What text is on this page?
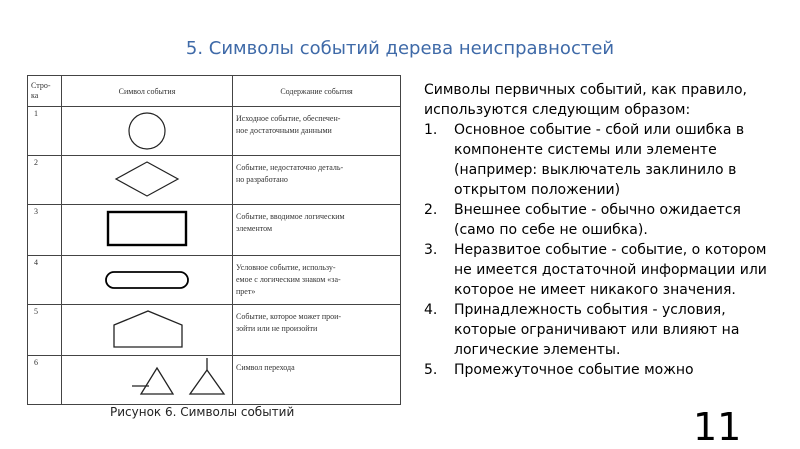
5. Символы событий дерева неисправностей
Стро-
ка	Символ события	Содержание события
1		Исходное событие, обеспечен-
ное достаточными данными
2		Событие, недостаточно деталь-
но разработано
3		Событие, вводимое логическим
элементом
4		Условное событие, использу-
емое с логическим знаком «за-
прет»
5		Событие, которое может прои-
зойти или не произойти
6		Символ перехода
Рисунок 6. Символы событий
Символы первичных событий, как правило, используются следующим образом:
1. Основное событие - сбой или ошибка в компоненте системы или элементе (например: выключатель заклинило в открытом положении)
2. Внешнее событие - обычно ожидается (само по себе не ошибка).
3. Неразвитое событие - событие, о котором не имеется достаточной информации или которое не имеет никакого значения.
4. Принадлежность события - условия, которые ограничивают или влияют на логические элементы.
5. Промежуточное событие можно
11
